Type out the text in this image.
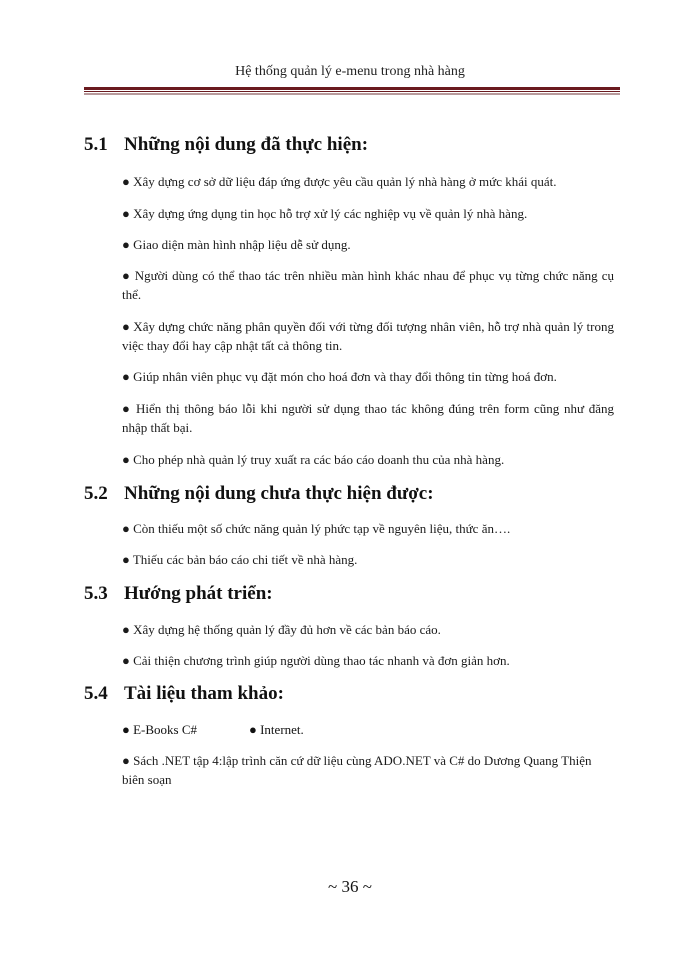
Hệ thống quản lý e-menu trong nhà hàng
5.1 Những nội dung đã thực hiện:
● Xây dựng cơ sở dữ liệu đáp ứng được yêu cầu quản lý nhà hàng ở mức khái quát.
● Xây dựng ứng dụng tin học hỗ trợ xử lý các nghiệp vụ về quản lý nhà hàng.
● Giao diện màn hình nhập liệu dễ sử dụng.
● Người dùng có thể thao tác trên nhiều màn hình khác nhau để phục vụ từng chức năng cụ thể.
● Xây dựng chức năng phân quyền đối với từng đối tượng nhân viên, hỗ trợ nhà quản lý trong việc thay đổi hay cập nhật tất cả thông tin.
● Giúp nhân viên phục vụ đặt món cho hoá đơn và thay đổi thông tin từng hoá đơn.
● Hiển thị thông báo lỗi khi người sử dụng thao tác không đúng trên form cũng như đăng nhập thất bại.
● Cho phép nhà quản lý truy xuất ra các báo cáo doanh thu của nhà hàng.
5.2 Những nội dung chưa thực hiện được:
● Còn thiếu một số chức năng quản lý phức tạp về nguyên liệu, thức ăn….
● Thiếu các bản báo cáo chi tiết về nhà hàng.
5.3 Hướng phát triển:
● Xây dựng hệ thống quản lý đầy đủ hơn về các bản báo cáo.
● Cải thiện chương trình giúp người dùng thao tác nhanh và đơn giản hơn.
5.4 Tài liệu tham khảo:
● E-Books C#	● Internet.
● Sách .NET tập 4:lập trình căn cứ dữ liệu cùng ADO.NET và C# do Dương Quang Thiện biên soạn
~ 36 ~
